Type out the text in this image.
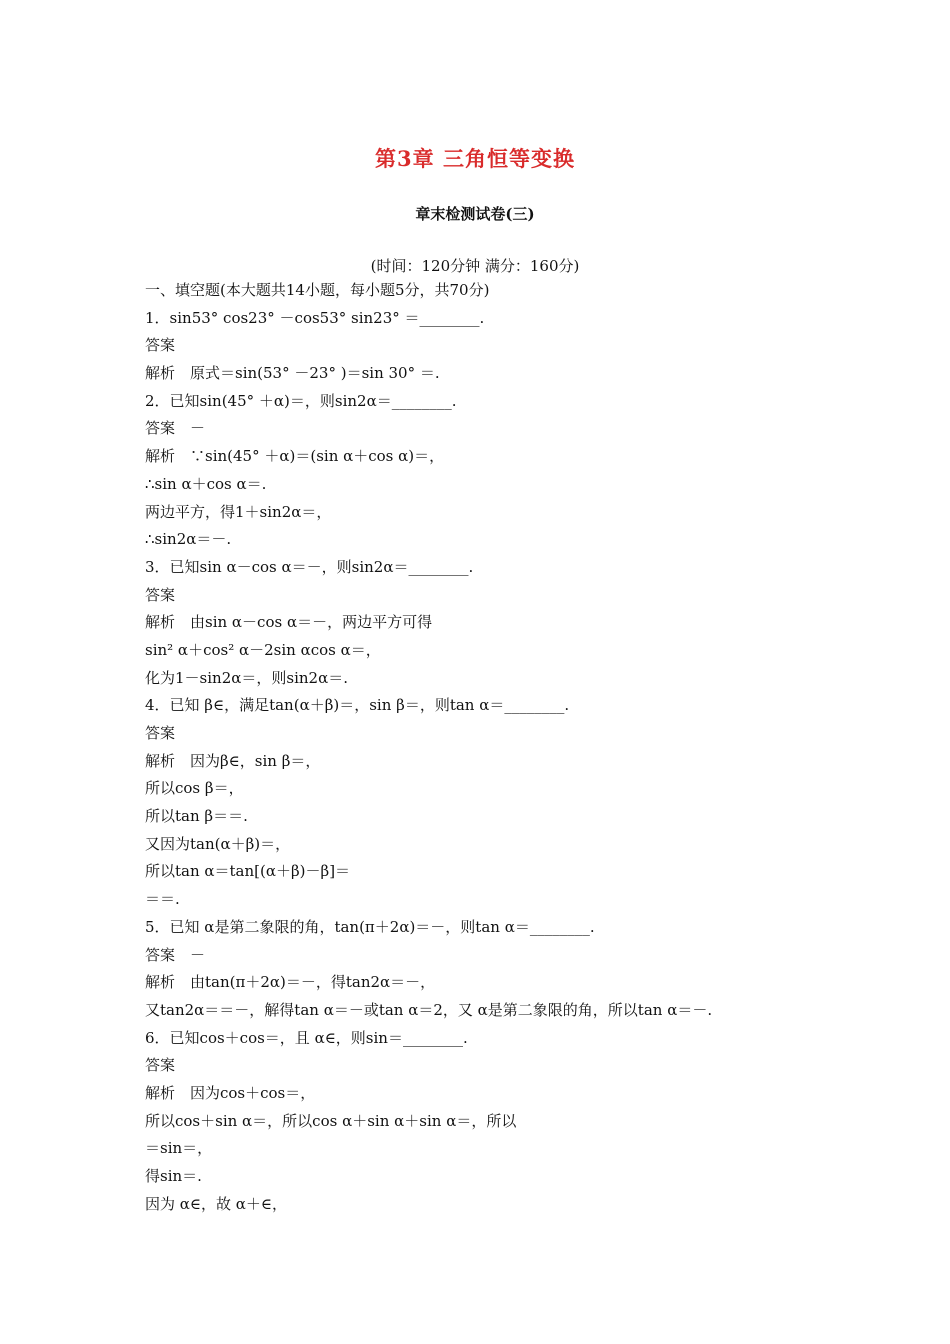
第3章 三角恒等变换
章末检测试卷(三)
(时间：120分钟 满分：160分)
一、填空题(本大题共14小题，每小题5分，共70分)
1．sin53° cos23° －cos53° sin23° ＝________.
答案
解析　原式＝sin(53° －23° )＝sin 30° ＝.
2．已知sin(45° ＋α)＝，则sin2α＝________.
答案　－
解析　∵sin(45° ＋α)＝(sin α＋cos α)＝，
∴sin α＋cos α＝.
两边平方，得1＋sin2α＝，
∴sin2α＝－.
3．已知sin α－cos α＝－，则sin2α＝________.
答案
解析　由sin α－cos α＝－，两边平方可得
sin² α＋cos² α－2sin αcos α＝，
化为1－sin2α＝，则sin2α＝.
4．已知 β∈，满足tan(α＋β)＝，sin β＝，则tan α＝________.
答案
解析　因为β∈，sin β＝，
所以cos β＝，
所以tan β＝＝.
又因为tan(α＋β)＝，
所以tan α＝tan[(α＋β)－β]＝
＝＝.
5．已知 α是第二象限的角，tan(π＋2α)＝－，则tan α＝________.
答案　－
解析　由tan(π＋2α)＝－，得tan2α＝－，
又tan2α＝＝－，解得tan α＝－或tan α＝2，又 α是第二象限的角，所以tan α＝－.
6．已知cos＋cos＝，且 α∈，则sin＝________.
答案
解析　因为cos＋cos＝，
所以cos＋sin α＝，所以cos α＋sin α＋sin α＝，所以
＝sin＝，
得sin＝.
因为 α∈，故 α＋∈，
